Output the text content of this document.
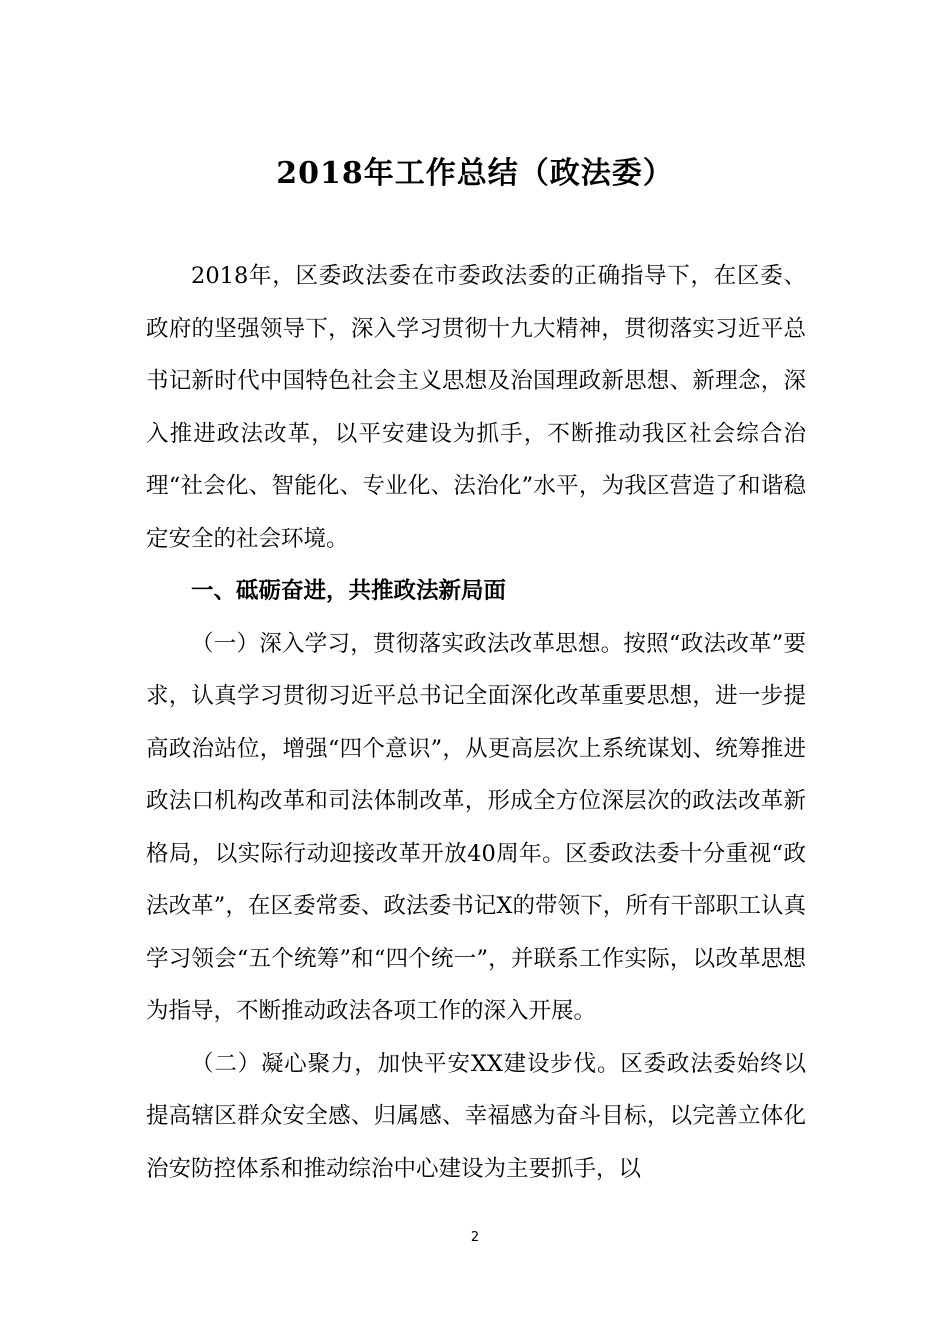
2018年工作总结（政法委）

2018年，区委政法委在市委政法委的正确指导下，在区委、政府的坚强领导下，深入学习贯彻十九大精神，贯彻落实习近平总书记新时代中国特色社会主义思想及治国理政新思想、新理念，深入推进政法改革，以平安建设为抓手，不断推动我区社会综合治理“社会化、智能化、专业化、法治化”水平，为我区营造了和谐稳定安全的社会环境。

一、砥砺奋进，共推政法新局面

（一）深入学习，贯彻落实政法改革思想。按照“政法改革”要求，认真学习贯彻习近平总书记全面深化改革重要思想，进一步提高政治站位，增强“四个意识”，从更高层次上系统谋划、统筹推进政法口机构改革和司法体制改革，形成全方位深层次的政法改革新格局，以实际行动迎接改革开放40周年。区委政法委十分重视“政法改革”，在区委常委、政法委书记X的带领下，所有干部职工认真学习领会“五个统筹”和“四个统一”，并联系工作实际，以改革思想为指导，不断推动政法各项工作的深入开展。

（二）凝心聚力，加快平安XX建设步伐。区委政法委始终以提高辖区群众安全感、归属感、幸福感为奋斗目标，以完善立体化治安防控体系和推动综治中心建设为主要抓手，以

2
